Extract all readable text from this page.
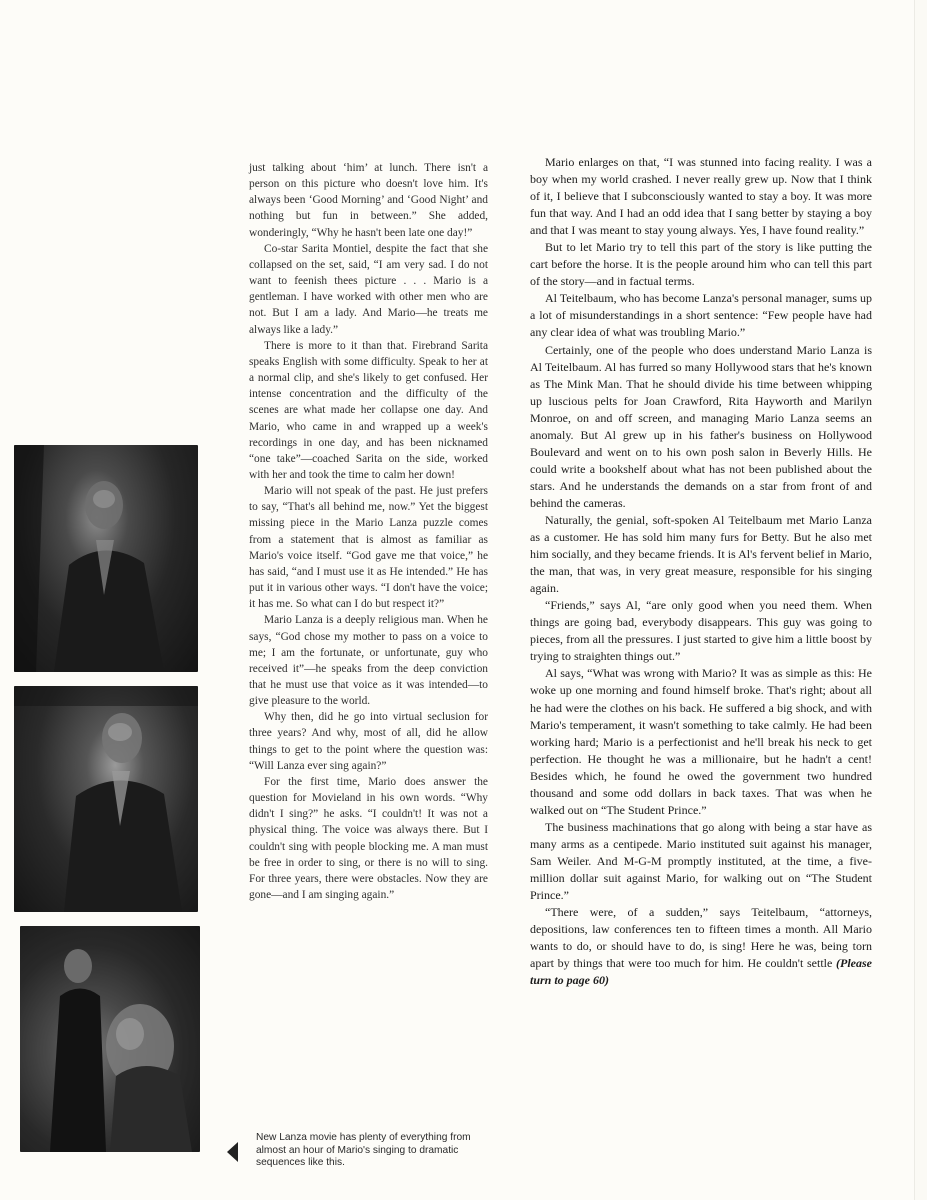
just talking about ‘him’ at lunch. There isn't a person on this picture who doesn't love him. It's always been ‘Good Morning’ and ‘Good Night’ and nothing but fun in between.” She added, wonderingly, “Why he hasn't been late one day!”

Co-star Sarita Montiel, despite the fact that she collapsed on the set, said, “I am very sad. I do not want to feenish thees picture . . . Mario is a gentleman. I have worked with other men who are not. But I am a lady. And Mario—he treats me always like a lady.”

There is more to it than that. Firebrand Sarita speaks English with some difficulty. Speak to her at a normal clip, and she's likely to get confused. Her intense concentration and the difficulty of the scenes are what made her collapse one day. And Mario, who came in and wrapped up a week's recordings in one day, and has been nicknamed “one take”—coached Sarita on the side, worked with her and took the time to calm her down!

Mario will not speak of the past. He just prefers to say, “That's all behind me, now.” Yet the biggest missing piece in the Mario Lanza puzzle comes from a statement that is almost as familiar as Mario's voice itself. “God gave me that voice,” he has said, “and I must use it as He intended.” He has put it in various other ways. “I don't have the voice; it has me. So what can I do but respect it?”

Mario Lanza is a deeply religious man. When he says, “God chose my mother to pass on a voice to me; I am the fortunate, or unfortunate, guy who received it”—he speaks from the deep conviction that he must use that voice as it was intended—to give pleasure to the world.

Why then, did he go into virtual seclusion for three years? And why, most of all, did he allow things to get to the point where the question was: “Will Lanza ever sing again?”

For the first time, Mario does answer the question for Movieland in his own words. “Why didn't I sing?” he asks. “I couldn't! It was not a physical thing. The voice was always there. But I couldn't sing with people blocking me. A man must be free in order to sing, or there is no will to sing. For three years, there were obstacles. Now they are gone—and I am singing again.”

Mario enlarges on that, “I was stunned into facing reality. I was a boy when my world crashed. I never really grew up. Now that I think of it, I believe that I subconsciously wanted to stay a boy. It was more fun that way. And I had an odd idea that I sang better by staying a boy and that I was meant to stay young always. Yes, I have found reality.”

But to let Mario try to tell this part of the story is like putting the cart before the horse. It is the people around him who can tell this part of the story—and in factual terms.

Al Teitelbaum, who has become Lanza's personal manager, sums up a lot of misunderstandings in a short sentence: “Few people have had any clear idea of what was troubling Mario.”

Certainly, one of the people who does understand Mario Lanza is Al Teitelbaum. Al has furred so many Hollywood stars that he's known as The Mink Man. That he should divide his time between whipping up luscious pelts for Joan Crawford, Rita Hayworth and Marilyn Monroe, on and off screen, and managing Mario Lanza seems an anomaly. But Al grew up in his father's business on Hollywood Boulevard and went on to his own posh salon in Beverly Hills. He could write a bookshelf about what has not been published about the stars. And he understands the demands on a star from front of and behind the cameras.

Naturally, the genial, soft-spoken Al Teitelbaum met Mario Lanza as a customer. He has sold him many furs for Betty. But he also met him socially, and they became friends. It is Al's fervent belief in Mario, the man, that was, in very great measure, responsible for his singing again.

“Friends,” says Al, “are only good when you need them. When things are going bad, everybody disappears. This guy was going to pieces, from all the pressures. I just started to give him a little boost by trying to straighten things out.”

Al says, “What was wrong with Mario? It was as simple as this: He woke up one morning and found himself broke. That's right; about all he had were the clothes on his back. He suffered a big shock, and with Mario's temperament, it wasn't something to take calmly. He had been working hard; Mario is a perfectionist and he'll break his neck to get perfection. He thought he was a millionaire, but he hadn't a cent! Besides which, he found he owed the government two hundred thousand and some odd dollars in back taxes. That was when he walked out on “The Student Prince.”

The business machinations that go along with being a star have as many arms as a centipede. Mario instituted suit against his manager, Sam Weiler. And M-G-M promptly instituted, at the time, a five-million dollar suit against Mario, for walking out on “The Student Prince.”

“There were, of a sudden,” says Teitelbaum, “attorneys, depositions, law conferences ten to fifteen times a month. All Mario wants to do, or should have to do, is sing! Here he was, being torn apart by things that were too much for him. He couldn't settle (Please turn to page 60)

New Lanza movie has plenty of everything from almost an hour of Mario's singing to dramatic sequences like this.
